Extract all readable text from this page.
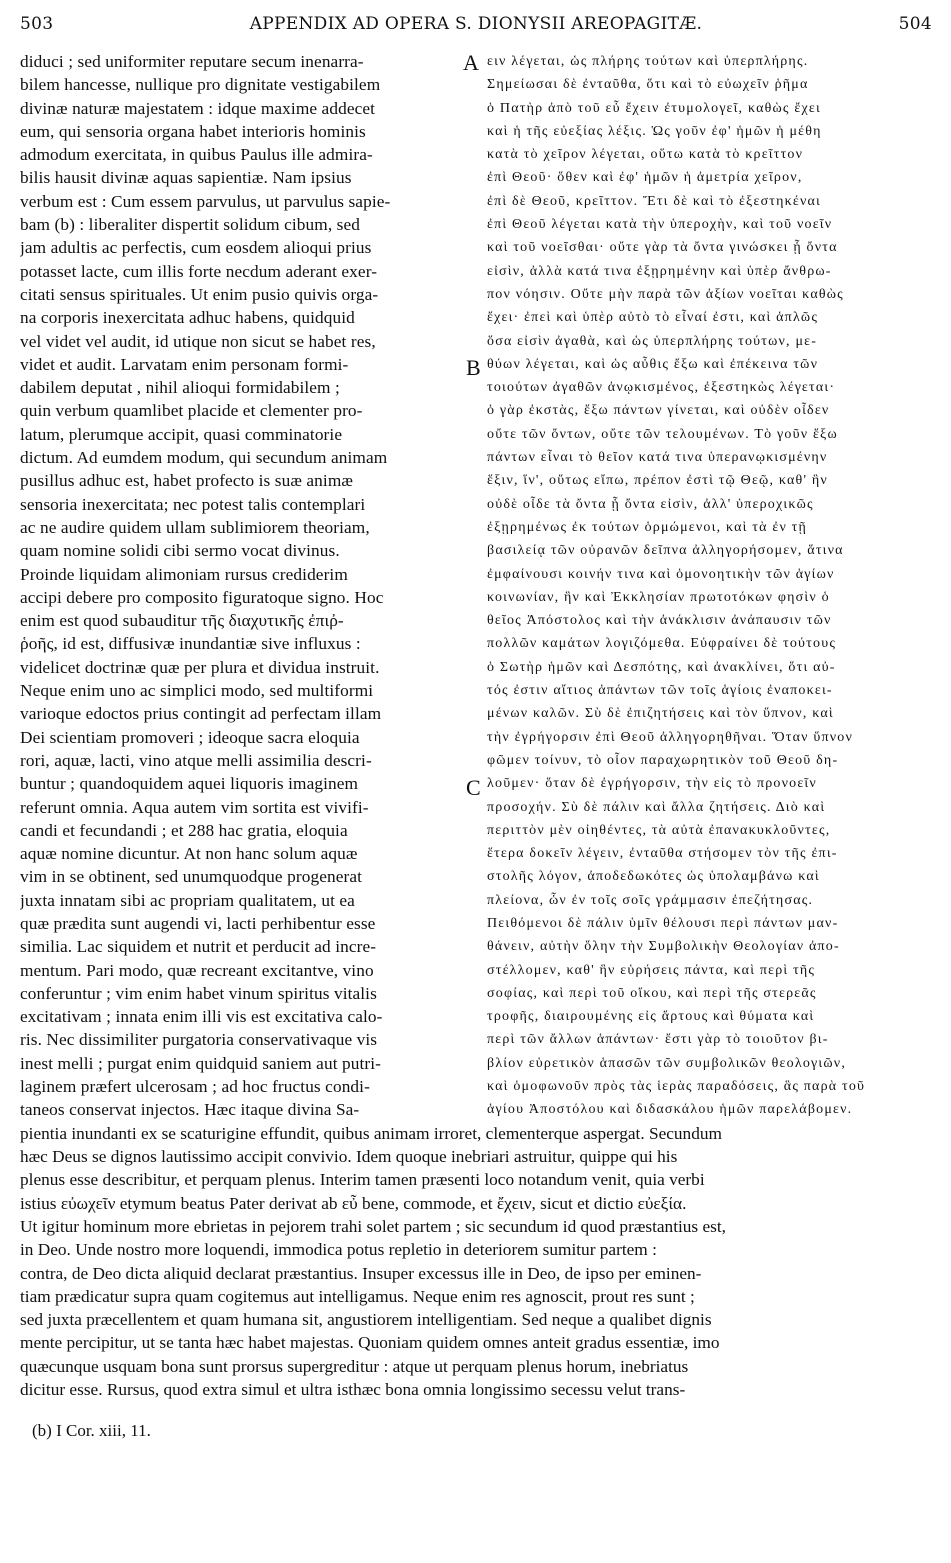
503	APPENDIX AD OPERA S. DIONYSII AREOPAGITÆ.	504
diduci ; sed uniformiter reputare secum inenarra-
bilem hancesse, nullique pro dignitate vestigabilem
divinæ naturæ majestatem : idque maxime addecet
eum, qui sensoria organa habet interioris hominis
admodum exercitata, in quibus Paulus ille admira-
bilis hausit divinæ aquas sapientiæ. Nam ipsius
verbum est : Cum essem parvulus, ut parvulus sapie-
bam (b) : liberaliter dispertit solidum cibum, sed
jam adultis ac perfectis, cum eosdem alioqui prius
potasset lacte, cum illis forte necdum aderant exer-
citati sensus spirituales. Ut enim pusio quivis orga-
na corporis inexercitata adhuc habens, quidquid
vel videt vel audit, id utique non sicut se habet res,
videt et audit. Larvatam enim personam formi-
dabilem deputat , nihil alioqui formidabilem ;
quin verbum quamlibet placide et clementer pro-
latum, plerumque accipit, quasi comminatorie
dictum. Ad eumdem modum, qui secundum animam
pusillus adhuc est, habet profecto is suæ animæ
sensoria inexercitata; nec potest talis contemplari
ac ne audire quidem ullam sublimiorem theoriam,
quam nomine solidi cibi sermo vocat divinus.
Proinde liquidam alimoniam rursus crediderim
accipi debere pro composito figuratoque signo. Hoc
enim est quod subauditur τῆς διαχυτικῆς ἐπιῤ-
ῥοῆς, id est, diffusivæ inundantiæ sive influxus :
videlicet doctrinæ quæ per plura et dividua instruit.
Neque enim uno ac simplici modo, sed multiformi
varioque edoctos prius contingit ad perfectam illam
Dei scientiam promoveri ; ideoque sacra eloquia
rori, aquæ, lacti, vino atque melli assimilia descri-
buntur ; quandoquidem aquei liquoris imaginem
referunt omnia. Aqua autem vim sortita est vivifi-
candi et fecundandi ; et 288 hac gratia, eloquia
aquæ nomine dicuntur. At non hanc solum aquæ
vim in se obtinent, sed unumquodque progenerat
juxta innatam sibi ac propriam qualitatem, ut ea
quæ prædita sunt augendi vi, lacti perhibentur esse
similia. Lac siquidem et nutrit et perducit ad incre-
mentum. Pari modo, quæ recreant excitantve, vino
conferuntur ; vim enim habet vinum spiritus vitalis
excitativam ; innata enim illi vis est excitativa calo-
ris. Nec dissimiliter purgatoria conservativaque vis
inest melli ; purgat enim quidquid saniem aut putri-
laginem præfert ulcerosam ; ad hoc fructus condi-
taneos conservat injectos. Hæc itaque divina Sa-
ειν λέγεται, ὡς πλήρης τούτων καὶ ὑπερπλήρης.
Σημείωσαι δὲ ἐνταῦθα, ὅτι καὶ τὸ εὐωχεῖν ῥῆμα
ὁ Πατὴρ ἀπὸ τοῦ εὖ ἔχειν ἐτυμολογεῖ, καθὼς ἔχει
καὶ ἡ τῆς εὐεξίας λέξις. Ὡς γοῦν ἐφ' ἡμῶν ἡ μέθη
κατὰ τὸ χεῖρον λέγεται, οὕτω κατὰ τὸ κρεῖττον
ἐπὶ Θεοῦ· ὅθεν καὶ ἐφ' ἡμῶν ἡ ἀμετρία χεῖρον,
ἐπὶ δὲ Θεοῦ, κρεῖττον. Ἔτι δὲ καὶ τὸ ἐξεστηκέναι
ἐπὶ Θεοῦ λέγεται κατὰ τὴν ὑπεροχὴν, καὶ τοῦ νοεῖν
καὶ τοῦ νοεῖσθαι· οὔτε γὰρ τὰ ὄντα γινώσκει ᾗ ὄντα
εἰσὶν, ἀλλὰ κατά τινα ἐξῃρημένην καὶ ὑπὲρ ἄνθρω-
πον νόησιν. Οὔτε μὴν παρὰ τῶν ἀξίων νοεῖται καθὼς
ἔχει· ἐπεὶ καὶ ὑπὲρ αὐτὸ τὸ εἶναί ἐστι, καὶ ἁπλῶς
ὅσα εἰσὶν ἀγαθὰ, καὶ ὡς ὑπερπλήρης τούτων, με-
θύων λέγεται, καὶ ὡς αὖθις ἔξω καὶ ἐπέκεινα τῶν
τοιούτων ἀγαθῶν ἀνῳκισμένος, ἐξεστηκὼς λέγεται·
ὁ γὰρ ἐκστὰς, ἔξω πάντων γίνεται, καὶ οὐδὲν οἶδεν
οὔτε τῶν ὄντων, οὔτε τῶν τελουμένων. Τὸ γοῦν ἔξω
πάντων εἶναι τὸ θεῖον κατά τινα ὑπερανῳκισμένην
ἕξιν, ἵν', οὕτως εἴπω, πρέπον ἐστὶ τῷ Θεῷ, καθ' ἣν
οὐδὲ οἶδε τὰ ὄντα ᾗ ὄντα εἰσὶν, ἀλλ' ὑπεροχικῶς
ἐξῃρημένως ἐκ τούτων ὁρμώμενοι, καὶ τὰ ἐν τῇ
βασιλείᾳ τῶν οὐρανῶν δεῖπνα ἀλληγορήσομεν, ἅτινα
ἐμφαίνουσι κοινήν τινα καὶ ὁμονοητικὴν τῶν ἁγίων
κοινωνίαν, ἣν καὶ Ἐκκλησίαν πρωτοτόκων φησὶν ὁ
θεῖος Ἀπόστολος καὶ τὴν ἀνάκλισιν ἀνάπαυσιν τῶν
πολλῶν καμάτων λογιζόμεθα. Εὐφραίνει δὲ τούτους
ὁ Σωτὴρ ἡμῶν καὶ Δεσπότης, καὶ ἀνακλίνει, ὅτι αὐ-
τός ἐστιν αἴτιος ἁπάντων τῶν τοῖς ἁγίοις ἐναποκει-
μένων καλῶν. Σὺ δὲ ἐπιζητήσεις καὶ τὸν ὕπνον, καὶ
τὴν ἐγρήγορσιν ἐπὶ Θεοῦ ἀλληγορηθῆναι. Ὅταν ὕπνον
φῶμεν τοίνυν, τὸ οἷον παραχωρητικὸν τοῦ Θεοῦ δη-
λοῦμεν· ὅταν δὲ ἐγρήγορσιν, τὴν εἰς τὸ προνοεῖν
προσοχήν. Σὺ δὲ πάλιν καὶ ἄλλα ζητήσεις. Διὸ καὶ
περιττὸν μὲν οἰηθέντες, τὰ αὐτὰ ἐπανακυκλοῦντες,
ἕτερα δοκεῖν λέγειν, ἐνταῦθα στήσομεν τὸν τῆς ἐπι-
στολῆς λόγον, ἀποδεδωκότες ὡς ὑπολαμβάνω καὶ
πλείονα, ὧν ἐν τοῖς σοῖς γράμμασιν ἐπεζήτησας.
Πειθόμενοι δὲ πάλιν ὑμῖν θέλουσι περὶ πάντων μαν-
θάνειν, αὐτὴν ὅλην τὴν Συμβολικὴν Θεολογίαν ἀπο-
στέλλομεν, καθ' ἣν εὑρήσεις πάντα, καὶ περὶ τῆς
σοφίας, καὶ περὶ τοῦ οἴκου, καὶ περὶ τῆς στερεᾶς
τροφῆς, διαιρουμένης εἰς ἄρτους καὶ θύματα καὶ
περὶ τῶν ἄλλων ἁπάντων· ἔστι γὰρ τὸ τοιοῦτον βι-
βλίον εὑρετικὸν ἁπασῶν τῶν συμβολικῶν θεολογιῶν,
καὶ ὁμοφωνοῦν πρὸς τὰς ἱερὰς παραδόσεις, ἃς παρὰ τοῦ
ἁγίου Ἀποστόλου καὶ διδασκάλου ἡμῶν παρελάβομεν.
A
B
C
pientia inundanti ex se scaturigine effundit, quibus animam irroret, clementerque aspergat. Secundum
hæc Deus se dignos lautissimo accipit convivio. Idem quoque inebriari astruitur, quippe qui his
plenus esse describitur, et perquam plenus. Interim tamen præsenti loco notandum venit, quia verbi
istius εὐωχεῖν etymum beatus Pater derivat ab εὖ bene, commode, et ἔχειν, sicut et dictio εὐεξία.
Ut igitur hominum more ebrietas in pejorem trahi solet partem ; sic secundum id quod præstantius est,
in Deo. Unde nostro more loquendi, immodica potus repletio in deteriorem sumitur partem :
contra, de Deo dicta aliquid declarat præstantius. Insuper excessus ille in Deo, de ipso per eminen-
tiam prædicatur supra quam cogitemus aut intelligamus. Neque enim res agnoscit, prout res sunt ;
sed juxta præcellentem et quam humana sit, angustiorem intelligentiam. Sed neque a qualibet dignis
mente percipitur, ut se tanta hæc habet majestas. Quoniam quidem omnes anteit gradus essentiæ, imo
quæcunque usquam bona sunt prorsus supergreditur : atque ut perquam plenus horum, inebriatus
dicitur esse. Rursus, quod extra simul et ultra isthæc bona omnia longissimo secessu velut trans-
(b) I Cor. xiii, 11.
